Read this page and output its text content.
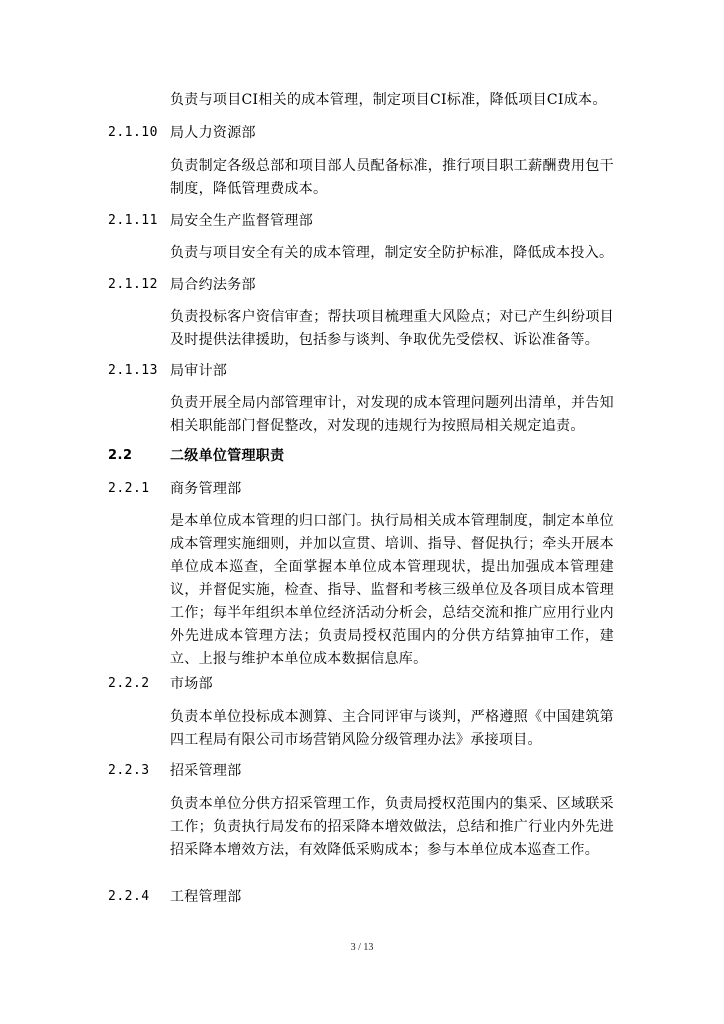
负责与项目CI相关的成本管理，制定项目CI标准，降低项目CI成本。

2.1.10 局人力资源部

负责制定各级总部和项目部人员配备标准，推行项目职工薪酬费用包干制度，降低管理费成本。

2.1.11 局安全生产监督管理部

负责与项目安全有关的成本管理，制定安全防护标准，降低成本投入。

2.1.12 局合约法务部

负责投标客户资信审查；帮扶项目梳理重大风险点；对已产生纠纷项目及时提供法律援助，包括参与谈判、争取优先受偿权、诉讼准备等。

2.1.13 局审计部

负责开展全局内部管理审计，对发现的成本管理问题列出清单，并告知相关职能部门督促整改，对发现的违规行为按照局相关规定追责。

2.2	二级单位管理职责
2.2.1 商务管理部

是本单位成本管理的归口部门。执行局相关成本管理制度，制定本单位成本管理实施细则，并加以宣贯、培训、指导、督促执行；牵头开展本单位成本巡查，全面掌握本单位成本管理现状，提出加强成本管理建议，并督促实施，检查、指导、监督和考核三级单位及各项目成本管理工作；每半年组织本单位经济活动分析会，总结交流和推广应用行业内外先进成本管理方法；负责局授权范围内的分供方结算抽审工作，建立、上报与维护本单位成本数据信息库。

2.2.2 市场部

负责本单位投标成本测算、主合同评审与谈判，严格遵照《中国建筑第四工程局有限公司市场营销风险分级管理办法》承接项目。

2.2.3 招采管理部

负责本单位分供方招采管理工作，负责局授权范围内的集采、区域联采工作；负责执行局发布的招采降本增效做法，总结和推广行业内外先进招采降本增效方法，有效降低采购成本；参与本单位成本巡查工作。

2.2.4 工程管理部
3 / 13
